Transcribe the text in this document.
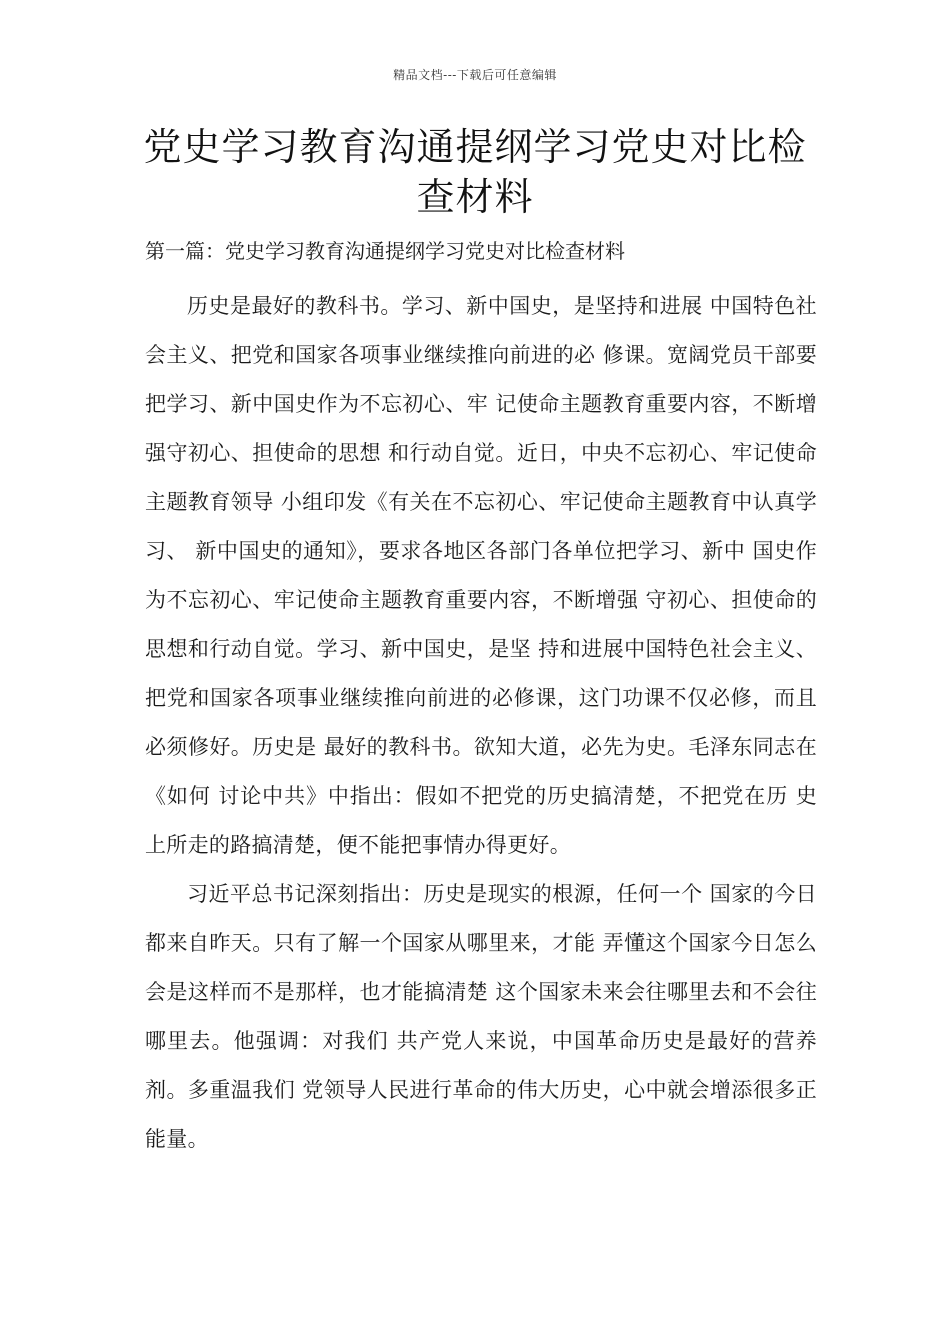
精品文档---下载后可任意编辑
党史学习教育沟通提纲学习党史对比检查材料
第一篇：党史学习教育沟通提纲学习党史对比检查材料

历史是最好的教科书。学习、新中国史，是坚持和进展 中国特色社会主义、把党和国家各项事业继续推向前进的必 修课。宽阔党员干部要把学习、新中国史作为不忘初心、牢 记使命主题教育重要内容，不断增强守初心、担使命的思想 和行动自觉。近日，中央不忘初心、牢记使命主题教育领导 小组印发《有关在不忘初心、牢记使命主题教育中认真学习、 新中国史的通知》，要求各地区各部门各单位把学习、新中 国史作为不忘初心、牢记使命主题教育重要内容，不断增强 守初心、担使命的思想和行动自觉。学习、新中国史，是坚 持和进展中国特色社会主义、把党和国家各项事业继续推向前进的必修课，这门功课不仅必修，而且必须修好。历史是 最好的教科书。欲知大道，必先为史。毛泽东同志在《如何 讨论中共》中指出：假如不把党的历史搞清楚，不把党在历 史上所走的路搞清楚，便不能把事情办得更好。

习近平总书记深刻指出：历史是现实的根源，任何一个 国家的今日都来自昨天。只有了解一个国家从哪里来，才能 弄懂这个国家今日怎么会是这样而不是那样，也才能搞清楚 这个国家未来会往哪里去和不会往哪里去。他强调：对我们 共产党人来说，中国革命历史是最好的营养剂。多重温我们 党领导人民进行革命的伟大历史，心中就会增添很多正能量。
